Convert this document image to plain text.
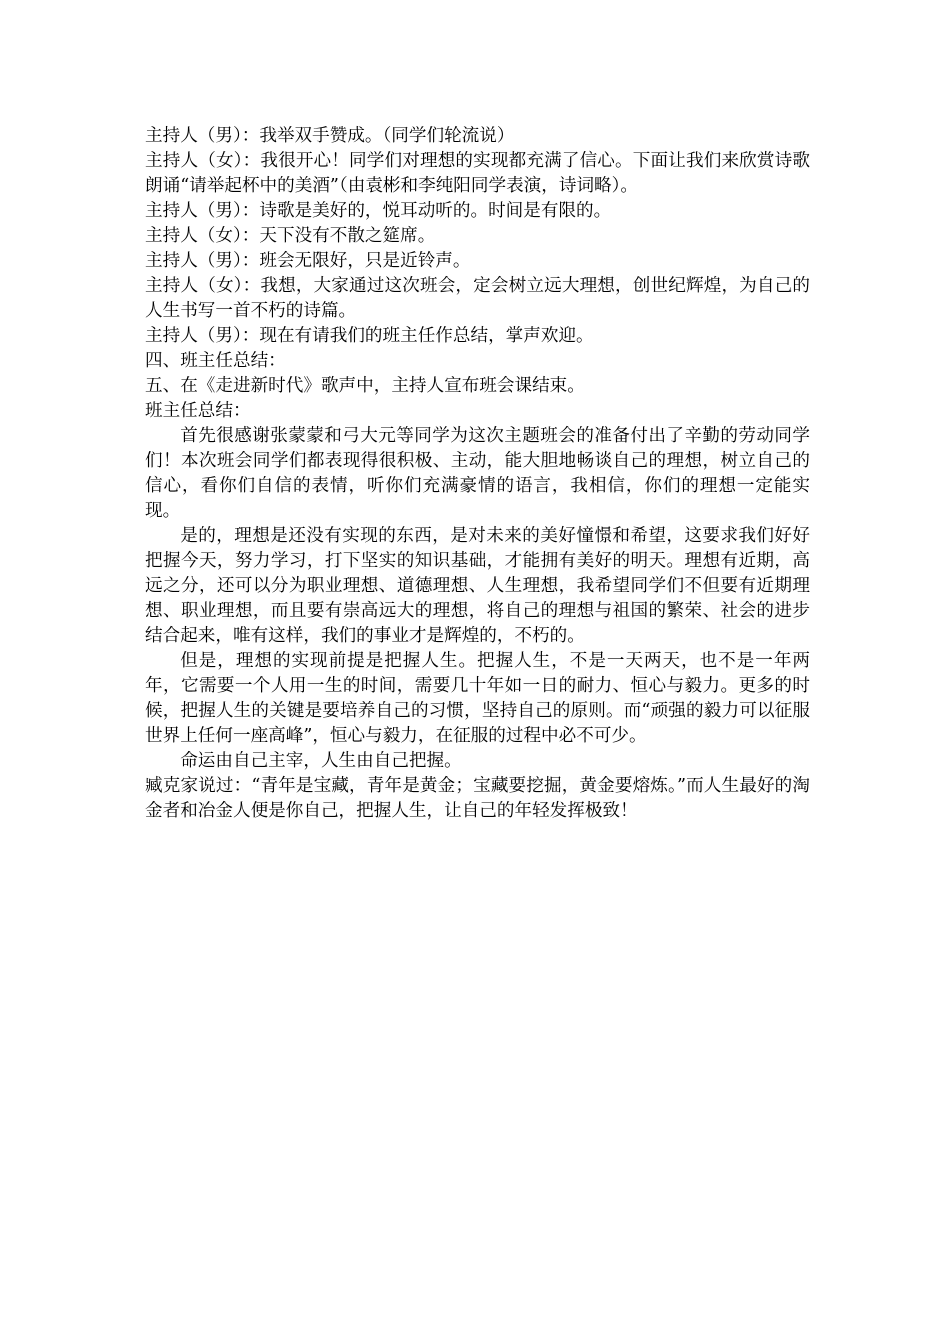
主持人（男）：我举双手赞成。（同学们轮流说）

主持人（女）：我很开心！同学们对理想的实现都充满了信心。下面让我们来欣赏诗歌朗诵“请举起杯中的美酒”（由袁彬和李纯阳同学表演，诗词略）。

主持人（男）：诗歌是美好的，悦耳动听的。时间是有限的。

主持人（女）：天下没有不散之筵席。

主持人（男）：班会无限好，只是近铃声。

主持人（女）：我想，大家通过这次班会，定会树立远大理想，创世纪辉煌，为自己的人生书写一首不朽的诗篇。

主持人（男）：现在有请我们的班主任作总结，掌声欢迎。

四、班主任总结：

五、在《走进新时代》歌声中，主持人宣布班会课结束。

班主任总结：

首先很感谢张蒙蒙和弓大元等同学为这次主题班会的准备付出了辛勤的劳动同学们！本次班会同学们都表现得很积极、主动，能大胆地畅谈自己的理想，树立自己的信心，看你们自信的表情，听你们充满豪情的语言，我相信，你们的理想一定能实现。

是的，理想是还没有实现的东西，是对未来的美好憧憬和希望，这要求我们好好把握今天，努力学习，打下坚实的知识基础，才能拥有美好的明天。理想有近期，高远之分，还可以分为职业理想、道德理想、人生理想，我希望同学们不但要有近期理想、职业理想，而且要有崇高远大的理想，将自己的理想与祖国的繁荣、社会的进步结合起来，唯有这样，我们的事业才是辉煌的，不朽的。

但是，理想的实现前提是把握人生。把握人生，不是一天两天，也不是一年两年，它需要一个人用一生的时间，需要几十年如一日的耐力、恒心与毅力。更多的时候，把握人生的关键是要培养自己的习惯，坚持自己的原则。而“顽强的毅力可以征服世界上任何一座高峰”，恒心与毅力，在征服的过程中必不可少。

命运由自己主宰，人生由自己把握。

臧克家说过：“青年是宝藏，青年是黄金；宝藏要挖掘，黄金要熔炼。”而人生最好的淘金者和冶金人便是你自己，把握人生，让自己的年轻发挥极致！
